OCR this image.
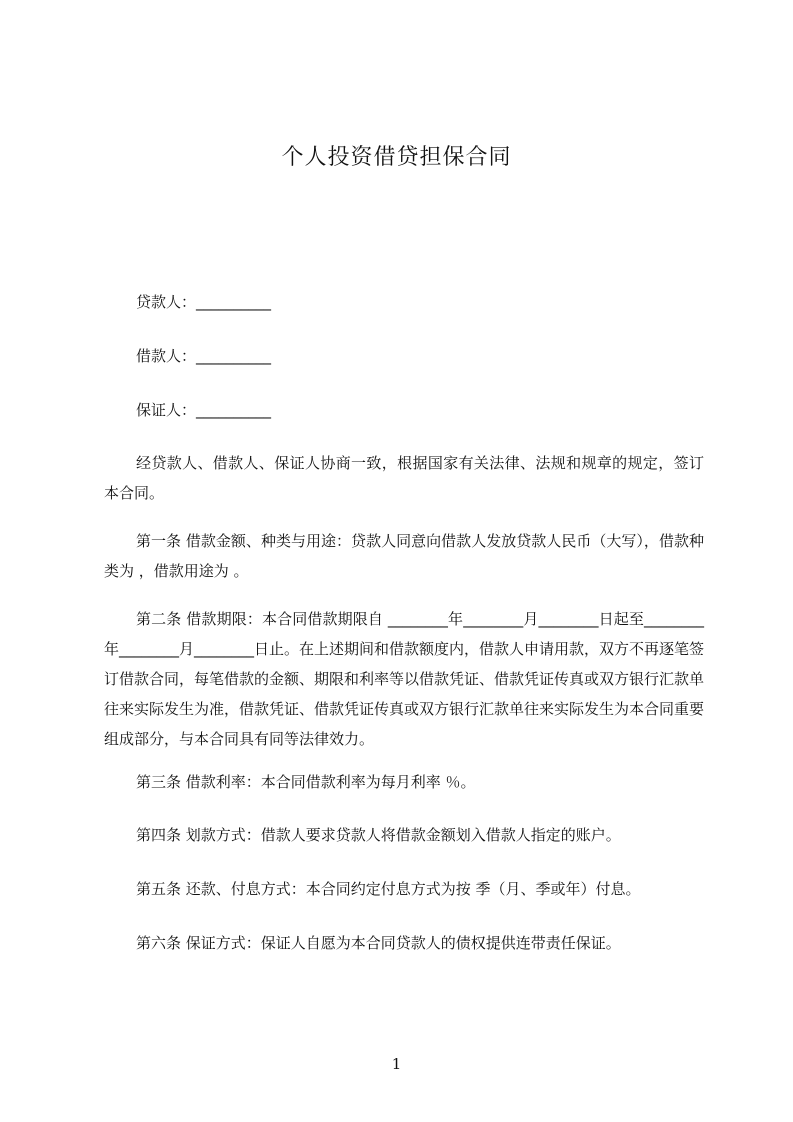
个人投资借贷担保合同
贷款人：__________
借款人：__________
保证人：__________
经贷款人、借款人、保证人协商一致，根据国家有关法律、法规和规章的规定，签订本合同。
第一条 借款金额、种类与用途：贷款人同意向借款人发放贷款人民币（大写），借款种类为 ，借款用途为 。
第二条 借款期限：本合同借款期限自 ________年________月________日起至________年________月________日止。在上述期间和借款额度内，借款人申请用款，双方不再逐笔签订借款合同，每笔借款的金额、期限和利率等以借款凭证、借款凭证传真或双方银行汇款单往来实际发生为准，借款凭证、借款凭证传真或双方银行汇款单往来实际发生为本合同重要组成部分，与本合同具有同等法律效力。
第三条 借款利率：本合同借款利率为每月利率 ％。
第四条 划款方式：借款人要求贷款人将借款金额划入借款人指定的账户。
第五条 还款、付息方式：本合同约定付息方式为按 季（月、季或年）付息。
第六条 保证方式：保证人自愿为本合同贷款人的债权提供连带责任保证。
1
